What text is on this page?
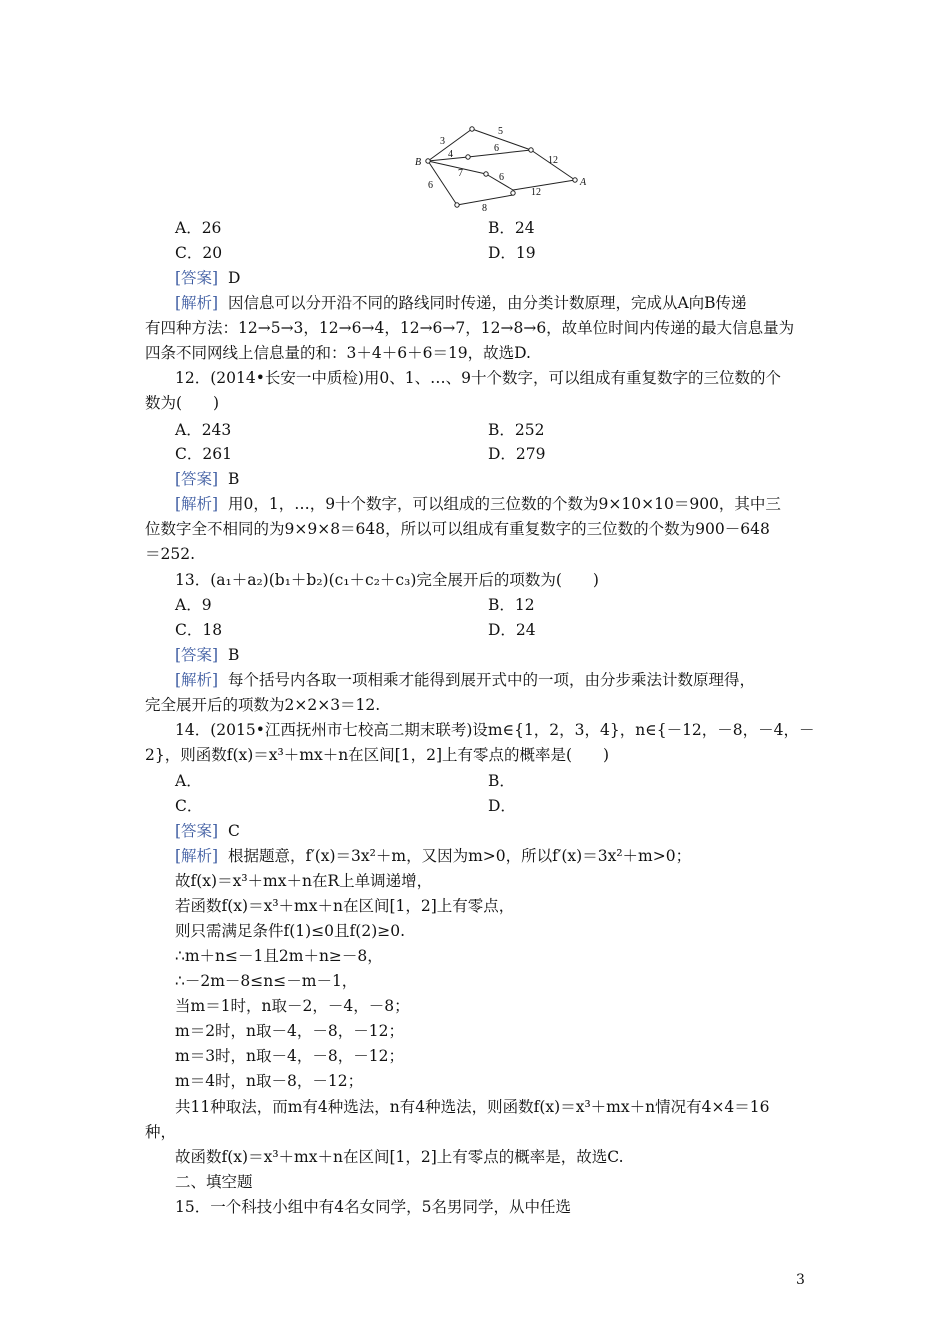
B
A
3
5
4
6
12
7	6
12
6
8
A．26	B．24
C．20	D．19
[答案] D
[解析] 因信息可以分开沿不同的路线同时传递，由分类计数原理，完成从A向B传递
有四种方法：12→5→3，12→6→4，12→6→7，12→8→6，故单位时间内传递的最大信息量为
四条不同网线上信息量的和：3＋4＋6＋6＝19，故选D.
12．(2014•长安一中质检)用0、1、…、9十个数字，可以组成有重复数字的三位数的个
数为(　　)
A．243	B．252
C．261	D．279
[答案] B
[解析] 用0，1，…，9十个数字，可以组成的三位数的个数为9×10×10＝900，其中三
位数字全不相同的为9×9×8＝648，所以可以组成有重复数字的三位数的个数为900－648
＝252.
13．(a₁＋a₂)(b₁＋b₂)(c₁＋c₂＋c₃)完全展开后的项数为(　　)
A．9	B．12
C．18	D．24
[答案] B
[解析] 每个括号内各取一项相乘才能得到展开式中的一项，由分步乘法计数原理得，
完全展开后的项数为2×2×3＝12.
14．(2015•江西抚州市七校高二期末联考)设m∈{1，2，3，4}，n∈{－12，－8，－4，－
2}，则函数f(x)＝x³＋mx＋n在区间[1，2]上有零点的概率是(　　)
A．	B．
C．	D．
[答案] C
[解析] 根据题意，f′(x)＝3x²＋m，又因为m>0，所以f′(x)＝3x²＋m>0；
故f(x)＝x³＋mx＋n在R上单调递增，
若函数f(x)＝x³＋mx＋n在区间[1，2]上有零点，
则只需满足条件f(1)≤0且f(2)≥0.
∴m＋n≤－1且2m＋n≥－8，
∴－2m－8≤n≤－m－1，
当m＝1时，n取－2，－4，－8；
m＝2时，n取－4，－8，－12；
m＝3时，n取－4，－8，－12；
m＝4时，n取－8，－12；
共11种取法，而m有4种选法，n有4种选法，则函数f(x)＝x³＋mx＋n情况有4×4＝16
种，
故函数f(x)＝x³＋mx＋n在区间[1，2]上有零点的概率是，故选C.
二、填空题
15．一个科技小组中有4名女同学，5名男同学，从中任选
3
